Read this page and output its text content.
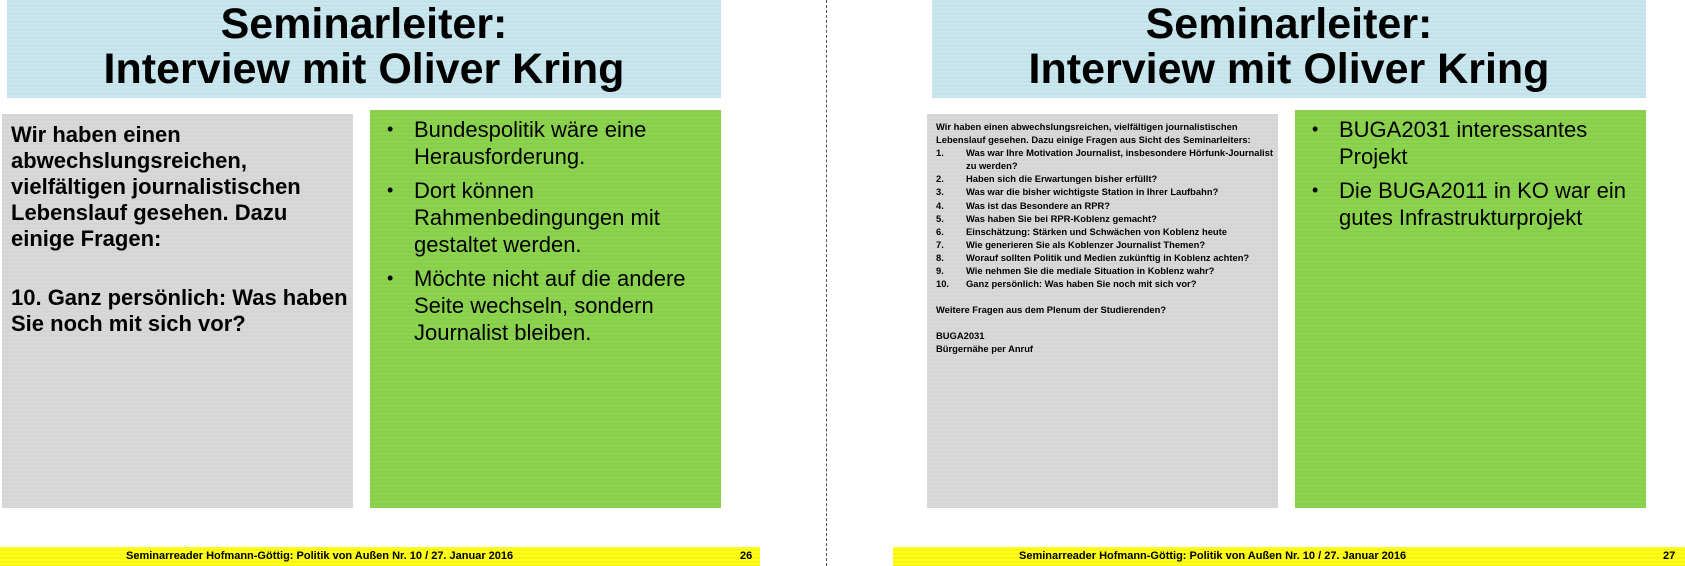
Seminarleiter:
Interview mit Oliver Kring
Wir haben einen abwechslungsreichen, vielfältigen journalistischen Lebenslauf gesehen. Dazu einige Fragen:
10. Ganz persönlich: Was haben Sie noch mit sich vor?
• Bundespolitik wäre eine Herausforderung.
• Dort können Rahmenbedingungen mit gestaltet werden.
• Möchte nicht auf die andere Seite wechseln, sondern Journalist bleiben.
Seminarreader Hofmann-Göttig: Politik von Außen Nr. 10 / 27. Januar 2016	26
Seminarleiter:
Interview mit Oliver Kring
Wir haben einen abwechslungsreichen, vielfältigen journalistischen Lebenslauf gesehen. Dazu einige Fragen aus Sicht des Seminarleiters:
1. Was war Ihre Motivation Journalist, insbesondere Hörfunk-Journalist zu werden?
2. Haben sich die Erwartungen bisher erfüllt?
3. Was war die bisher wichtigste Station in Ihrer Laufbahn?
4. Was ist das Besondere an RPR?
5. Was haben Sie bei RPR-Koblenz gemacht?
6. Einschätzung: Stärken und Schwächen von Koblenz heute
7. Wie generieren Sie als Koblenzer Journalist Themen?
8. Worauf sollten Politik und Medien zukünftig in Koblenz achten?
9. Wie nehmen Sie die mediale Situation in Koblenz wahr?
10. Ganz persönlich: Was haben Sie noch mit sich vor?
Weitere Fragen aus dem Plenum der Studierenden?
BUGA2031
Bürgernähe per Anruf
• BUGA2031 interessantes Projekt
• Die BUGA2011 in KO war ein gutes Infrastrukturprojekt
Seminarreader Hofmann-Göttig: Politik von Außen Nr. 10 / 27. Januar 2016	27
